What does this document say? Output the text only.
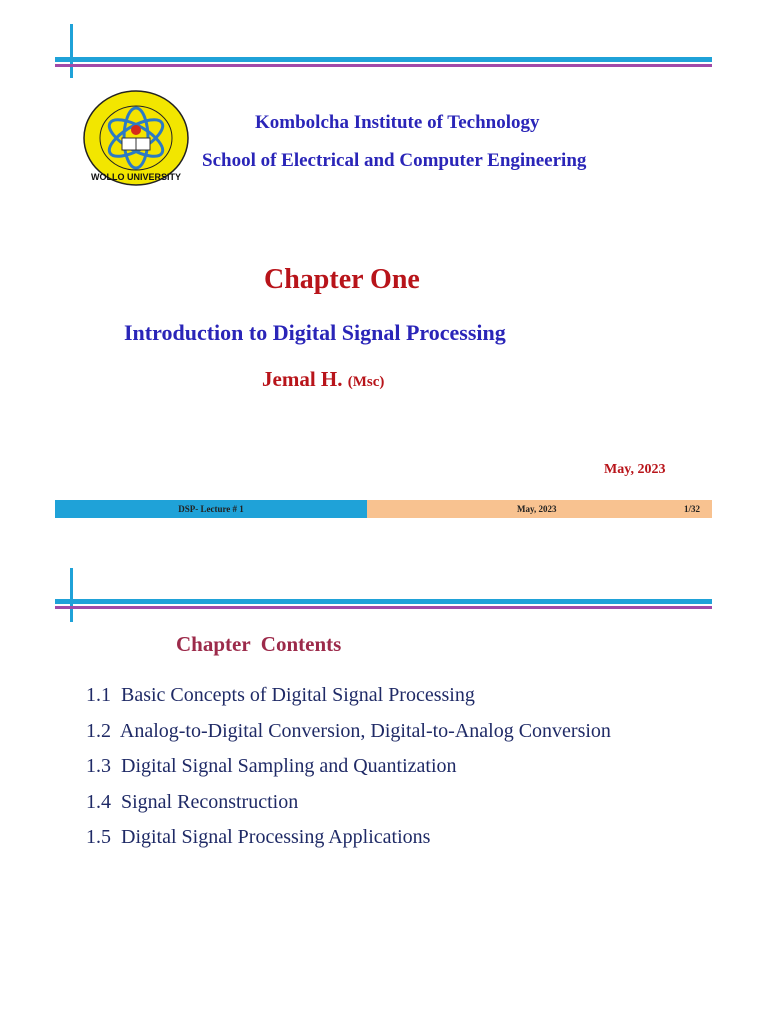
WOLLO UNIVERSITY
Kombolcha Institute of Technology
School of Electrical and Computer Engineering
Chapter One
Introduction to Digital Signal Processing
Jemal H. (Msc)
May, 2023
DSP- Lecture # 1	May, 2023	1/32
Chapter  Contents
1.1  Basic Concepts of Digital Signal Processing
1.2  Analog-to-Digital Conversion, Digital-to-Analog Conversion
1.3  Digital Signal Sampling and Quantization
1.4  Signal Reconstruction
1.5  Digital Signal Processing Applications
